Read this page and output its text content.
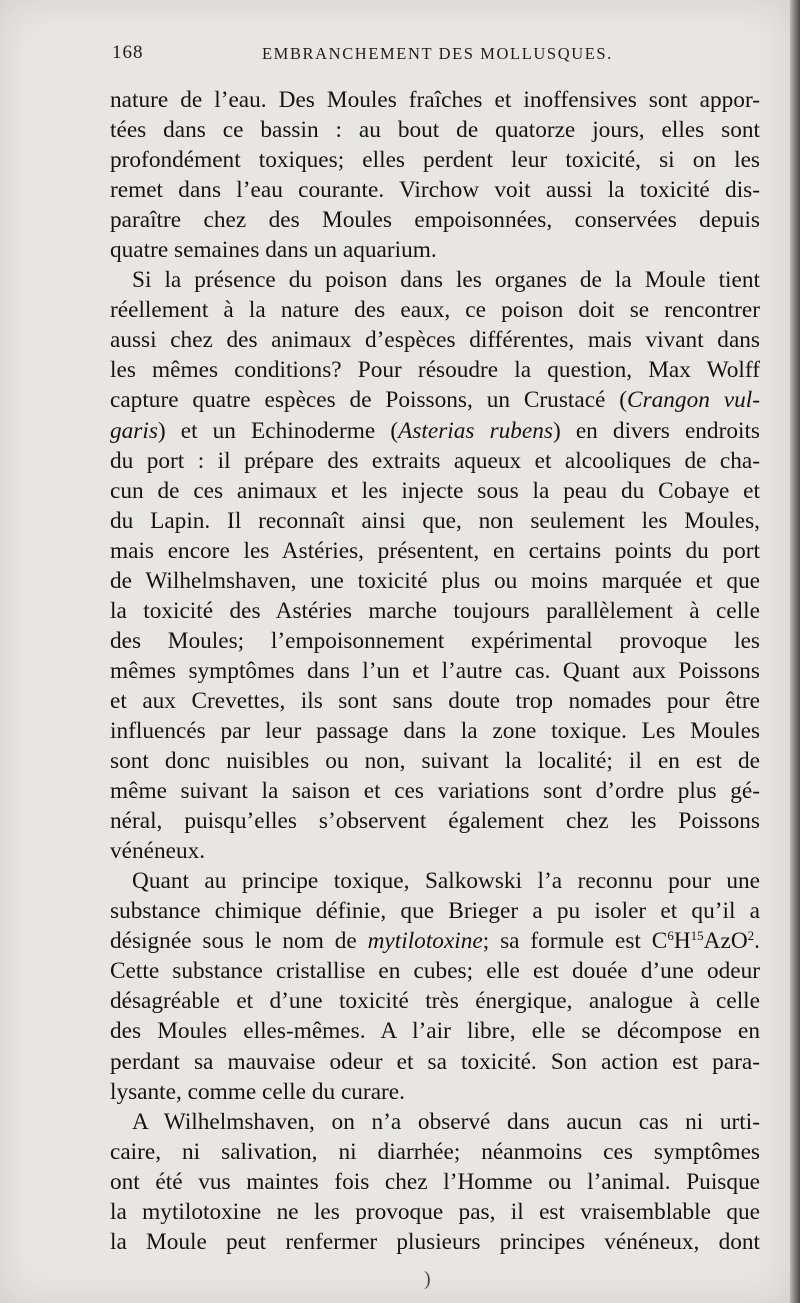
168	EMBRANCHEMENT DES MOLLUSQUES.
nature de l’eau. Des Moules fraîches et inoffensives sont appor-
tées dans ce bassin : au bout de quatorze jours, elles sont
profondément toxiques; elles perdent leur toxicité, si on les
remet dans l’eau courante. Virchow voit aussi la toxicité dis-
paraître chez des Moules empoisonnées, conservées depuis
quatre semaines dans un aquarium.
Si la présence du poison dans les organes de la Moule tient
réellement à la nature des eaux, ce poison doit se rencontrer
aussi chez des animaux d’espèces différentes, mais vivant dans
les mêmes conditions? Pour résoudre la question, Max Wolff
capture quatre espèces de Poissons, un Crustacé (Crangon vul-
garis) et un Echinoderme (Asterias rubens) en divers endroits
du port : il prépare des extraits aqueux et alcooliques de cha-
cun de ces animaux et les injecte sous la peau du Cobaye et
du Lapin. Il reconnaît ainsi que, non seulement les Moules,
mais encore les Astéries, présentent, en certains points du port
de Wilhelmshaven, une toxicité plus ou moins marquée et que
la toxicité des Astéries marche toujours parallèlement à celle
des Moules; l’empoisonnement expérimental provoque les
mêmes symptômes dans l’un et l’autre cas. Quant aux Poissons
et aux Crevettes, ils sont sans doute trop nomades pour être
influencés par leur passage dans la zone toxique. Les Moules
sont donc nuisibles ou non, suivant la localité; il en est de
même suivant la saison et ces variations sont d’ordre plus gé-
néral, puisqu’elles s’observent également chez les Poissons
vénéneux.
Quant au principe toxique, Salkowski l’a reconnu pour une
substance chimique définie, que Brieger a pu isoler et qu’il a
désignée sous le nom de mytilotoxine; sa formule est $C^6H^{15}AzO^2$.
Cette substance cristallise en cubes; elle est douée d’une odeur
désagréable et d’une toxicité très énergique, analogue à celle
des Moules elles-mêmes. A l’air libre, elle se décompose en
perdant sa mauvaise odeur et sa toxicité. Son action est para-
lysante, comme celle du curare.
A Wilhelmshaven, on n’a observé dans aucun cas ni urti-
caire, ni salivation, ni diarrhée; néanmoins ces symptômes
ont été vus maintes fois chez l’Homme ou l’animal. Puisque
la mytilotoxine ne les provoque pas, il est vraisemblable que
la Moule peut renfermer plusieurs principes vénéneux, dont
)
